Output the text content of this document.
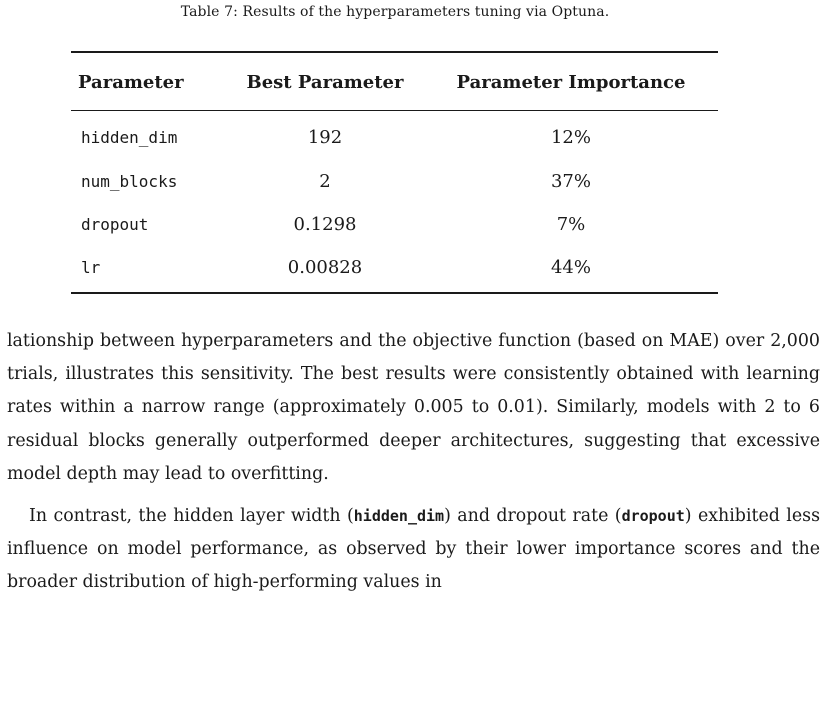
Table 7: Results of the hyperparameters tuning via Optuna.
Parameter	Best Parameter	Parameter Importance
hidden_dim	192	12%
num_blocks	2	37%
dropout	0.1298	7%
lr	0.00828	44%

lationship between hyperparameters and the objective function (based on MAE) over 2,000 trials, illustrates this sensitivity. The best results were consistently obtained with learning rates within a narrow range (approximately 0.005 to 0.01). Similarly, models with 2 to 6 residual blocks generally outperformed deeper architectures, suggesting that excessive model depth may lead to overfitting.

In contrast, the hidden layer width (hidden_dim) and dropout rate (dropout) exhibited less influence on model performance, as observed by their lower importance scores and the broader distribution of high-performing values in
